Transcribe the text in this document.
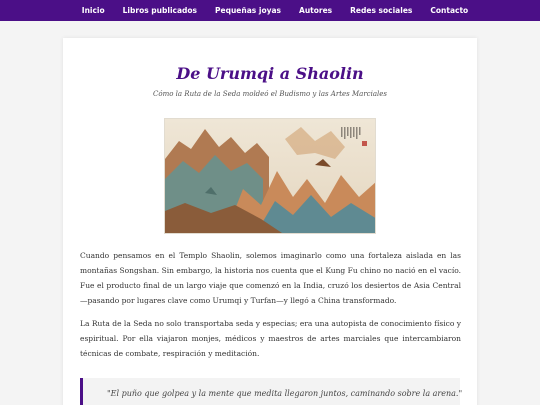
Inicio Libros publicados Pequeñas joyas Autores Redes sociales Contacto
De Urumqi a Shaolin
Cómo la Ruta de la Seda moldeó el Budismo y las Artes Marciales

Cuando pensamos en el Templo Shaolin, solemos imaginarlo como una fortaleza aislada en las montañas Songshan. Sin embargo, la historia nos cuenta que el Kung Fu chino no nació en el vacío. Fue el producto final de un largo viaje que comenzó en la India, cruzó los desiertos de Asia Central—pasando por lugares clave como Urumqi y Turfan—y llegó a China transformado.

La Ruta de la Seda no solo transportaba seda y especias; era una autopista de conocimiento físico y espiritual. Por ella viajaron monjes, médicos y maestros de artes marciales que intercambiaron técnicas de combate, respiración y meditación.

"El puño que golpea y la mente que medita llegaron juntos, caminando sobre la arena."
